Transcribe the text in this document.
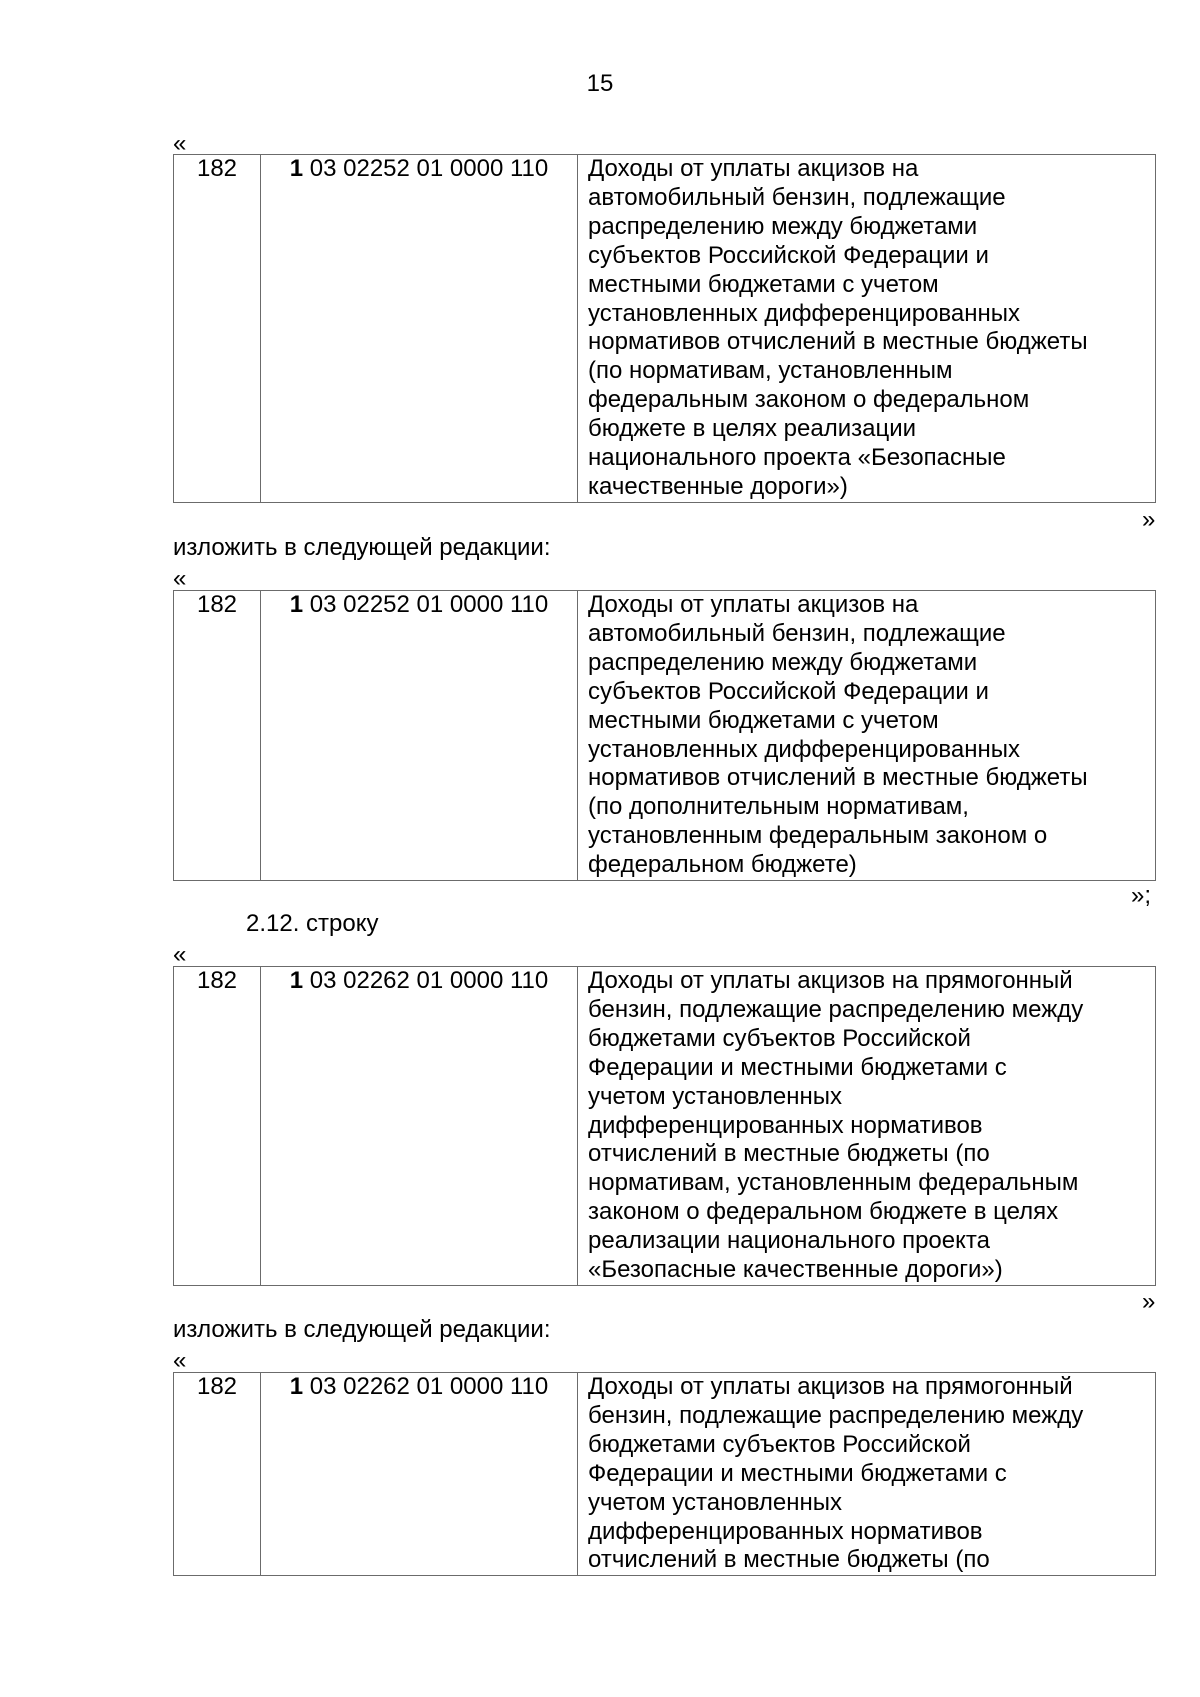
15
«
182	1 03 02252 01 0000 110	Доходы от уплаты акцизов на
автомобильный бензин, подлежащие
распределению между бюджетами
субъектов Российской Федерации и
местными бюджетами с учетом
установленных дифференцированных
нормативов отчислений в местные бюджеты
(по нормативам, установленным
федеральным законом о федеральном
бюджете в целях реализации
национального проекта «Безопасные
качественные дороги»)
»
изложить в следующей редакции:
«
182	1 03 02252 01 0000 110	Доходы от уплаты акцизов на
автомобильный бензин, подлежащие
распределению между бюджетами
субъектов Российской Федерации и
местными бюджетами с учетом
установленных дифференцированных
нормативов отчислений в местные бюджеты
(по дополнительным нормативам,
установленным федеральным законом о
федеральном бюджете)
»;
2.12. строку
«
182	1 03 02262 01 0000 110	Доходы от уплаты акцизов на прямогонный
бензин, подлежащие распределению между
бюджетами субъектов Российской
Федерации и местными бюджетами с
учетом установленных
дифференцированных нормативов
отчислений в местные бюджеты (по
нормативам, установленным федеральным
законом о федеральном бюджете в целях
реализации национального проекта
«Безопасные качественные дороги»)
»
изложить в следующей редакции:
«
182	1 03 02262 01 0000 110	Доходы от уплаты акцизов на прямогонный
бензин, подлежащие распределению между
бюджетами субъектов Российской
Федерации и местными бюджетами с
учетом установленных
дифференцированных нормативов
отчислений в местные бюджеты (по
